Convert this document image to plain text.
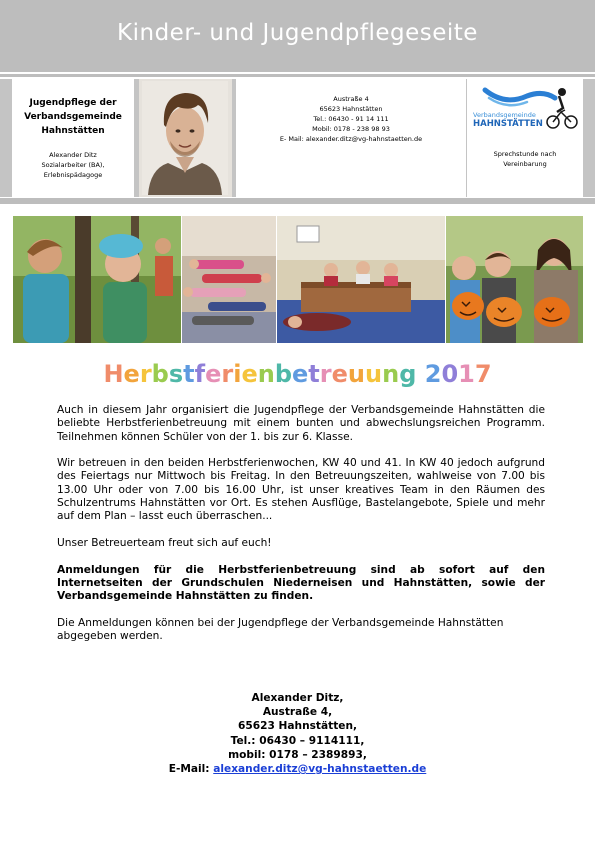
Kinder- und Jugendpflegeseite
Jugendpflege der
Verbandsgemeinde
Hahnstätten
Alexander Ditz
Sozialarbeiter (BA),
Erlebnispädagoge
Austraße 4
65623 Hahnstätten
Tel.: 06430 - 91 14 111
Mobil: 0178 - 238 98 93
E- Mail: alexander.ditz@vg-hahnstaetten.de
Verbandsgemeinde
HAHNSTÄTTEN
Sprechstunde nach
Vereinbarung
Herbstferienbetreuung 2017

Auch in diesem Jahr organisiert die Jugendpflege der Verbandsgemeinde Hahnstätten die beliebte Herbstferienbetreuung mit einem bunten und abwechslungsreichen Programm. Teilnehmen können Schüler von der 1. bis zur 6. Klasse.

Wir betreuen in den beiden Herbstferienwochen, KW 40 und 41. In KW 40 jedoch aufgrund des Feiertags nur Mittwoch bis Freitag. In den Betreuungszeiten, wahlweise von 7.00 bis 13.00 Uhr oder von 7.00 bis 16.00 Uhr, ist unser kreatives Team in den Räumen des Schulzentrums Hahnstätten vor Ort. Es stehen Ausflüge, Bastelangebote, Spiele und mehr auf dem Plan – lasst euch überraschen...

Unser Betreuerteam freut sich auf euch!

Anmeldungen für die Herbstferienbetreuung sind ab sofort auf den Internetseiten der Grundschulen Niederneisen und Hahnstätten, sowie der Verbandsgemeinde Hahnstätten zu finden.

Die Anmeldungen können bei der Jugendpflege der Verbandsgemeinde Hahnstätten abgegeben werden.

Alexander Ditz,
Austraße 4,
65623 Hahnstätten,
Tel.: 06430 – 9114111,
mobil: 0178 – 2389893,
E-Mail: alexander.ditz@vg-hahnstaetten.de
